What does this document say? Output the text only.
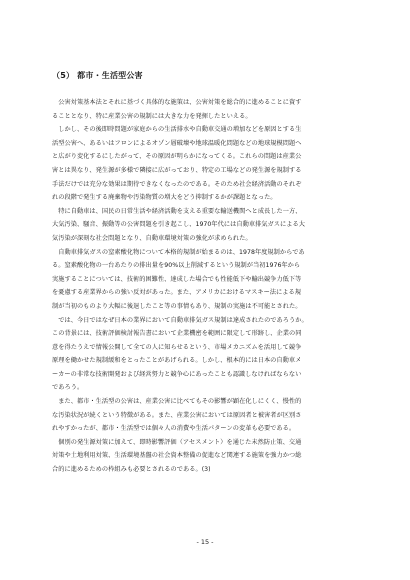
（5） 都市・生活型公害
　公害対策基本法とそれに基づく具体的な施策は、公害対策を総合的に進めることに資す
ることとなり、特に産業公害の規制には大きな力を発揮したといえる。
　しかし、その後即時問題が家庭からの生活排水や自動車交通の増加などを原因とする生
活型公害へ、あるいはフロンによるオゾン層破壊や地球温暖化問題などの地球規模問題へ
と広がり変化するにしたがって、その原因が明らかになってくる。これらの問題は産業公
害とは異なり、発生源が多様で隣接に広がっており、特定の工場などの発生源を規制する
手法だけでは充分な効果は期待できなくなったのである。そのため社会経済活動のそれぞ
れの段階で発生する廃棄物や汚染物質の増大をどう抑制するかが課題となった。
　特に自動車は、国民の日常生活や経済活動を支える重要な輸送機関へと成長した一方、
大気汚染、騒音、振動等の公害問題を引き起こし、1970年代には自動車排気ガスによる大
気汚染が深刻な社会問題となり、自動車環境対策の強化が求められた。
　自動車排気ガスの窒素酸化物について本格的規制が始まるのは、1978年度規制からであ
る。窒素酸化物の一台あたりの排出量を90%以上削減するという規制が当初1976年から
実施することについては、技術的困難性、達成した場合でも性能低下や輸出競争力低下等
を憂慮する産業界からの強い反対があった。また、アメリカにおけるマスキー法による規
制が当初のものより大幅に後退したこと等の事情もあり、規制の実施は不可能とされた。
　では、今日ではなぜ日本の業界において自動車排気ガス規制は達成されたのであろうか。
この背景には、技術評価検討報告書において企業機密を範囲に限定して形跡し、企業の同
意を得たうえで情報公開して全ての人に知らせるという、市場メカニズムを活用して競争
原理を働かせた規制緩和をとったことがあげられる。しかし、根本的には日本の自動車メ
ーカーの非常な技術開発および経営努力と競争心にあったことも認識しなければならない
であろう。
　また、都市・生活型の公害は、産業公害に比べてもその影響が顕在化しにくく、慢性的
な汚染状況が続くという特徴がある。また、産業公害においては原因者と被害者が区別さ
れやすかったが、都市・生活型では個々人の消費や生活パターンの変革も必要である。
　個別の発生源対策に加えて、即時影響評価（アセスメント）を通じた未然防止策、交通
対策や土地利用対策、生活環境基盤の社会資本整備の促進など関連する施策を強力かつ総
合的に進めるための枠組みも必要とされるのである。(3)
- 15 -
